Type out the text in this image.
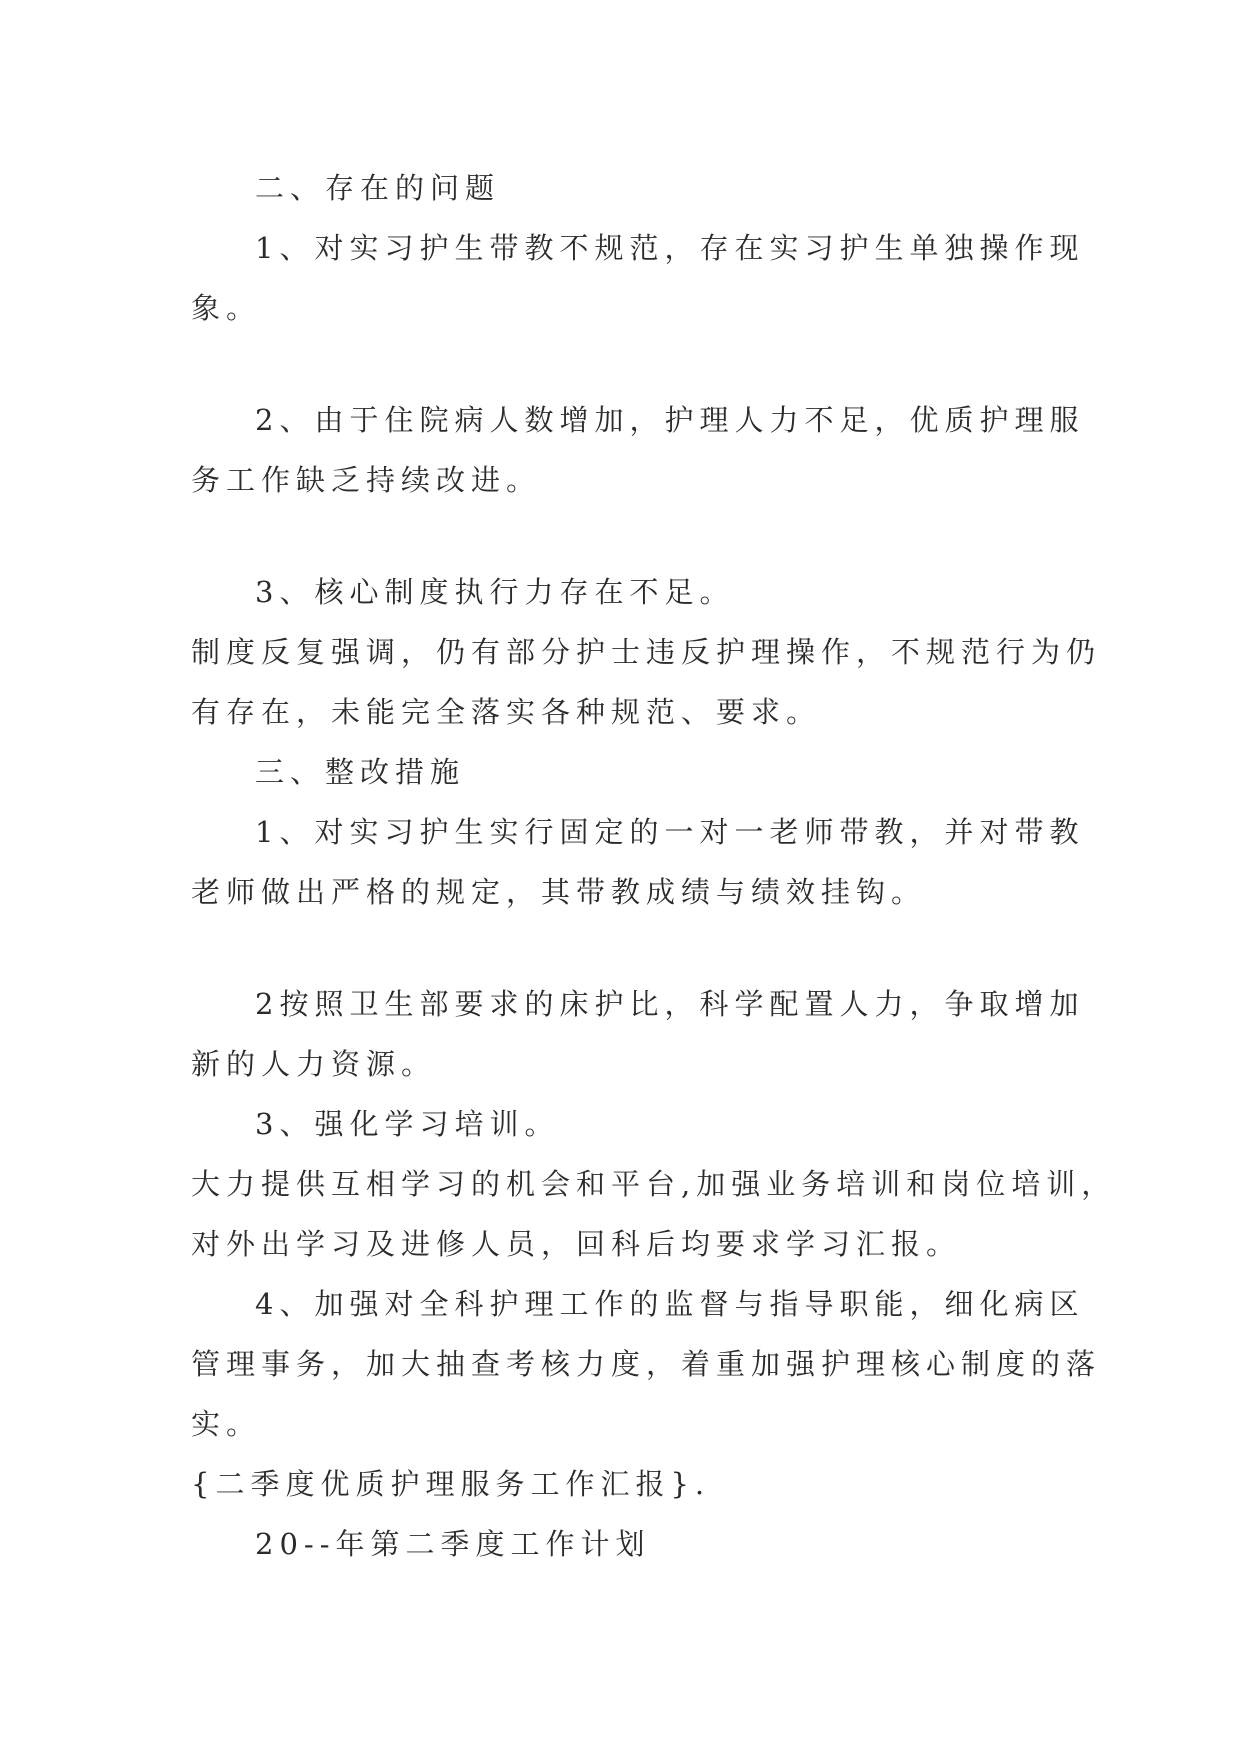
二、存在的问题
1、对实习护生带教不规范，存在实习护生单独操作现
象。
2、由于住院病人数增加，护理人力不足，优质护理服
务工作缺乏持续改进。
3、核心制度执行力存在不足。
制度反复强调，仍有部分护士违反护理操作，不规范行为仍
有存在，未能完全落实各种规范、要求。
三、整改措施
1、对实习护生实行固定的一对一老师带教，并对带教
老师做出严格的规定，其带教成绩与绩效挂钩。
2按照卫生部要求的床护比，科学配置人力，争取增加
新的人力资源。
3、强化学习培训。
大力提供互相学习的机会和平台,加强业务培训和岗位培训，
对外出学习及进修人员，回科后均要求学习汇报。
4、加强对全科护理工作的监督与指导职能，细化病区
管理事务，加大抽查考核力度，着重加强护理核心制度的落
实。
{二季度优质护理服务工作汇报}.
20--年第二季度工作计划
